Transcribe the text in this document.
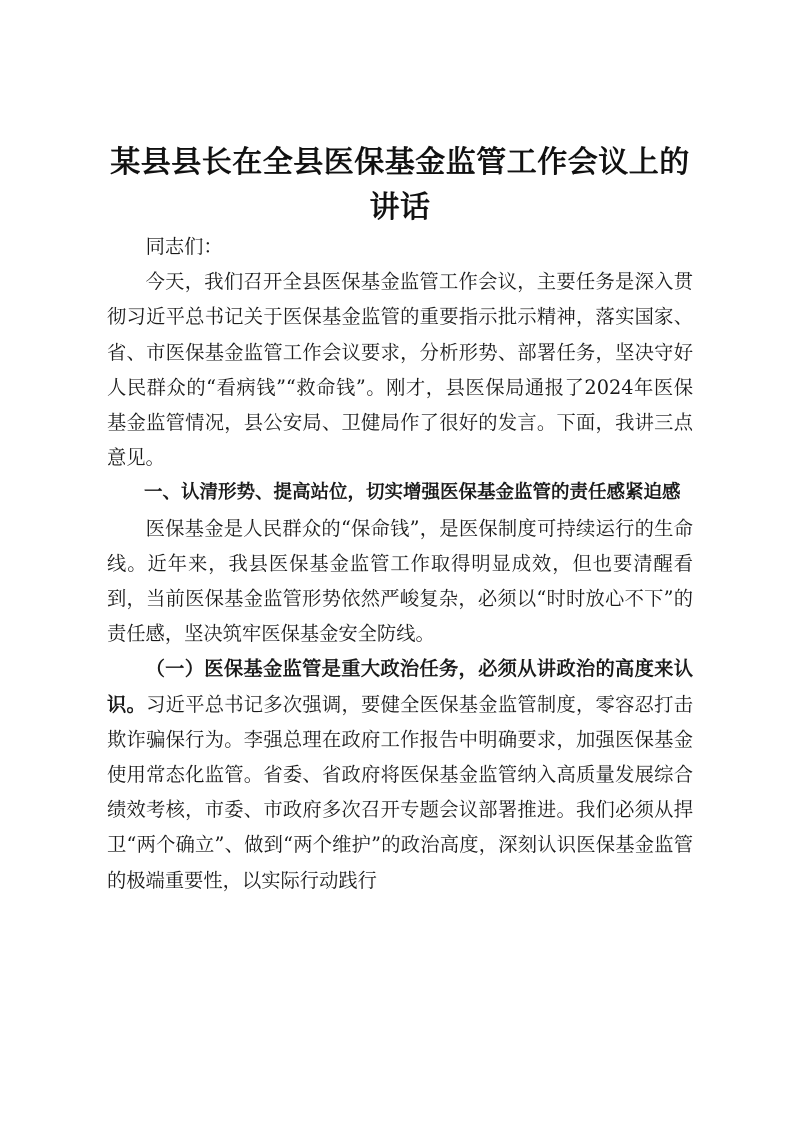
某县县长在全县医保基金监管工作会议上的讲话

同志们：

今天，我们召开全县医保基金监管工作会议，主要任务是深入贯彻习近平总书记关于医保基金监管的重要指示批示精神，落实国家、省、市医保基金监管工作会议要求，分析形势、部署任务，坚决守好人民群众的“看病钱”“救命钱”。刚才，县医保局通报了2024年医保基金监管情况，县公安局、卫健局作了很好的发言。下面，我讲三点意见。

一、认清形势、提高站位，切实增强医保基金监管的责任感紧迫感

医保基金是人民群众的“保命钱”，是医保制度可持续运行的生命线。近年来，我县医保基金监管工作取得明显成效，但也要清醒看到，当前医保基金监管形势依然严峻复杂，必须以“时时放心不下”的责任感，坚决筑牢医保基金安全防线。

（一）医保基金监管是重大政治任务，必须从讲政治的高度来认识。习近平总书记多次强调，要健全医保基金监管制度，零容忍打击欺诈骗保行为。李强总理在政府工作报告中明确要求，加强医保基金使用常态化监管。省委、省政府将医保基金监管纳入高质量发展综合绩效考核，市委、市政府多次召开专题会议部署推进。我们必须从捍卫“两个确立”、做到“两个维护”的政治高度，深刻认识医保基金监管的极端重要性，以实际行动践行
